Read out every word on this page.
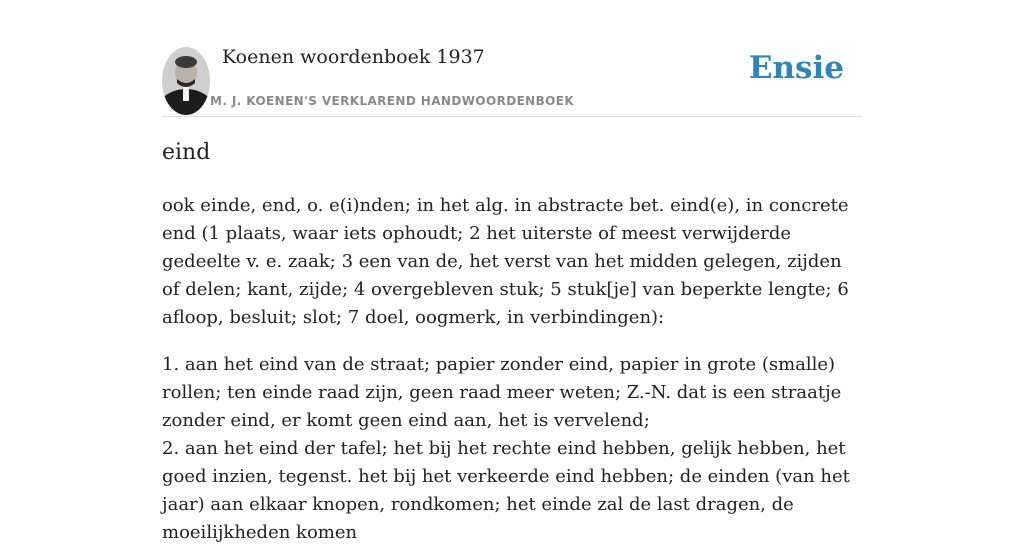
Koenen woordenboek 1937
M. J. KOENEN'S VERKLAREND HANDWOORDENBOEK
Ensie
eind

ook einde, end, o. e(i)nden; in het alg. in abstracte bet. eind(e), in concrete end (1 plaats, waar iets ophoudt; 2 het uiterste of meest verwijderde gedeelte v. e. zaak; 3 een van de, het verst van het midden gelegen, zijden of delen; kant, zijde; 4 overgebleven stuk; 5 stuk[je] van beperkte lengte; 6 afloop, besluit; slot; 7 doel, oogmerk, in verbindingen):

1. aan het eind van de straat; papier zonder eind, papier in grote (smalle) rollen; ten einde raad zijn, geen raad meer weten; Z.-N. dat is een straatje zonder eind, er komt geen eind aan, het is vervelend;
2. aan het eind der tafel; het bij het rechte eind hebben, gelijk hebben, het goed inzien, tegenst. het bij het verkeerde eind hebben; de einden (van het jaar) aan elkaar knopen, rondkomen; het einde zal de last dragen, de moeilijkheden komen
